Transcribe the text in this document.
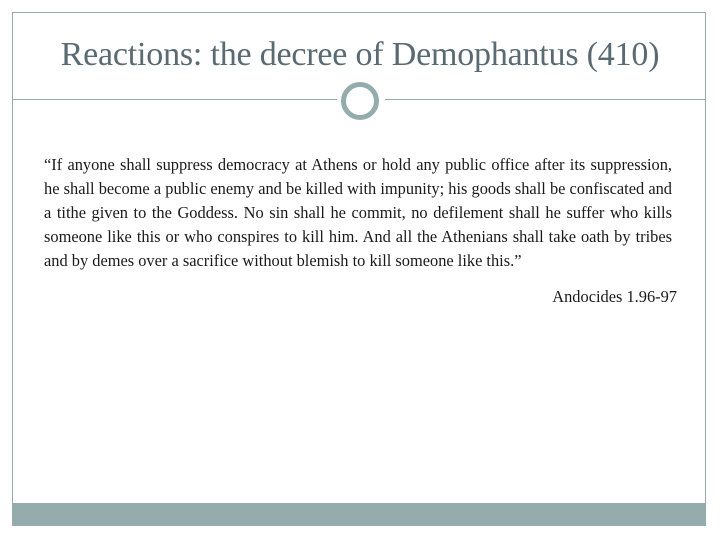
Reactions: the decree of Demophantus (410)

“If anyone shall suppress democracy at Athens or hold any public office after its suppression, he shall become a public enemy and be killed with impunity; his goods shall be confiscated and a tithe given to the Goddess. No sin shall he commit, no defilement shall he suffer who kills someone like this or who conspires to kill him. And all the Athenians shall take oath by tribes and by demes over a sacrifice without blemish to kill someone like this.”

Andocides 1.96-97
